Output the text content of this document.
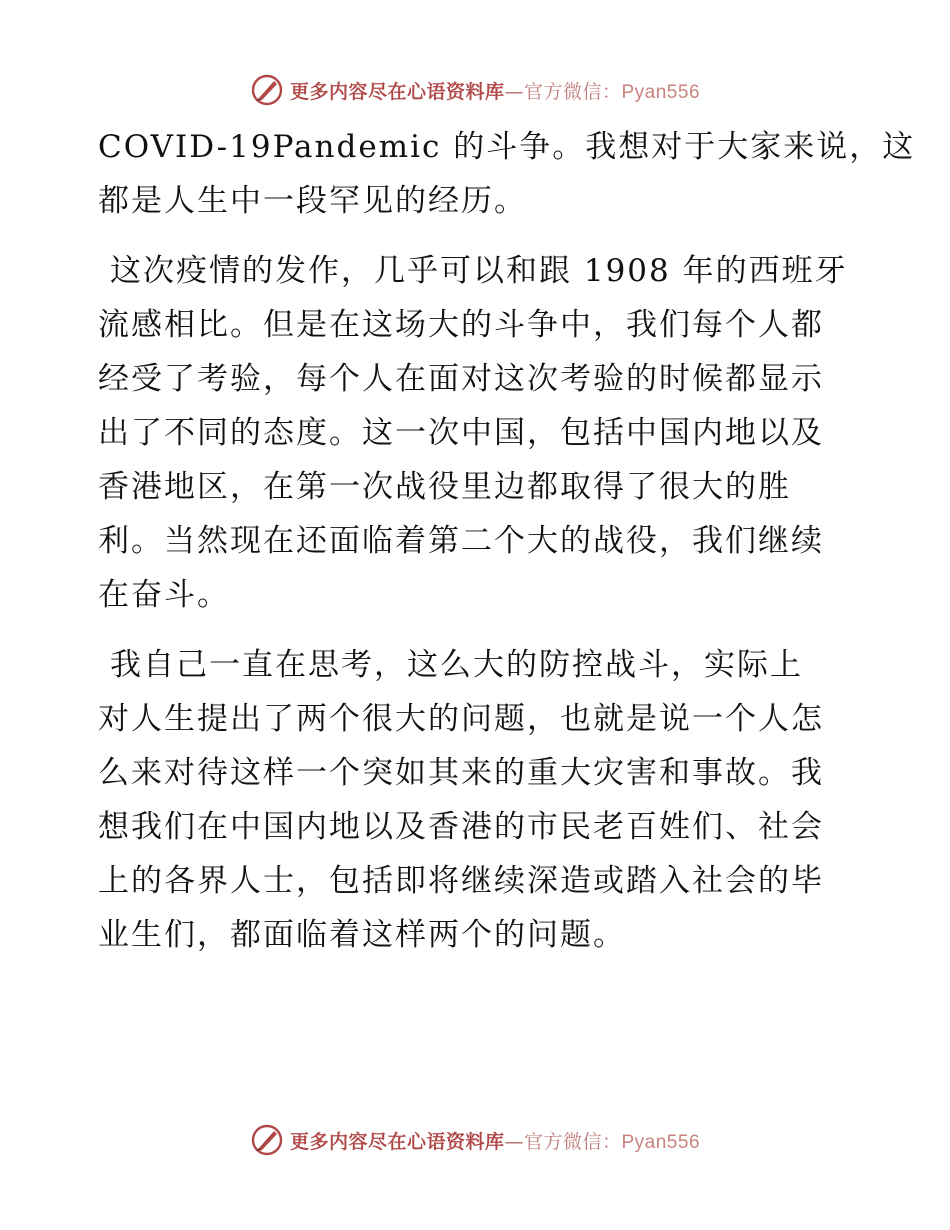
更多内容尽在心语资料库—官方微信：Pyan556

COVID-19Pandemic 的斗争。我想对于大家来说，这
都是人生中一段罕见的经历。

这次疫情的发作，几乎可以和跟 1908 年的西班牙
流感相比。但是在这场大的斗争中，我们每个人都
经受了考验，每个人在面对这次考验的时候都显示
出了不同的态度。这一次中国，包括中国内地以及
香港地区，在第一次战役里边都取得了很大的胜
利。当然现在还面临着第二个大的战役，我们继续
在奋斗。

我自己一直在思考，这么大的防控战斗，实际上
对人生提出了两个很大的问题，也就是说一个人怎
么来对待这样一个突如其来的重大灾害和事故。我
想我们在中国内地以及香港的市民老百姓们、社会
上的各界人士，包括即将继续深造或踏入社会的毕
业生们，都面临着这样两个的问题。

更多内容尽在心语资料库—官方微信：Pyan556
